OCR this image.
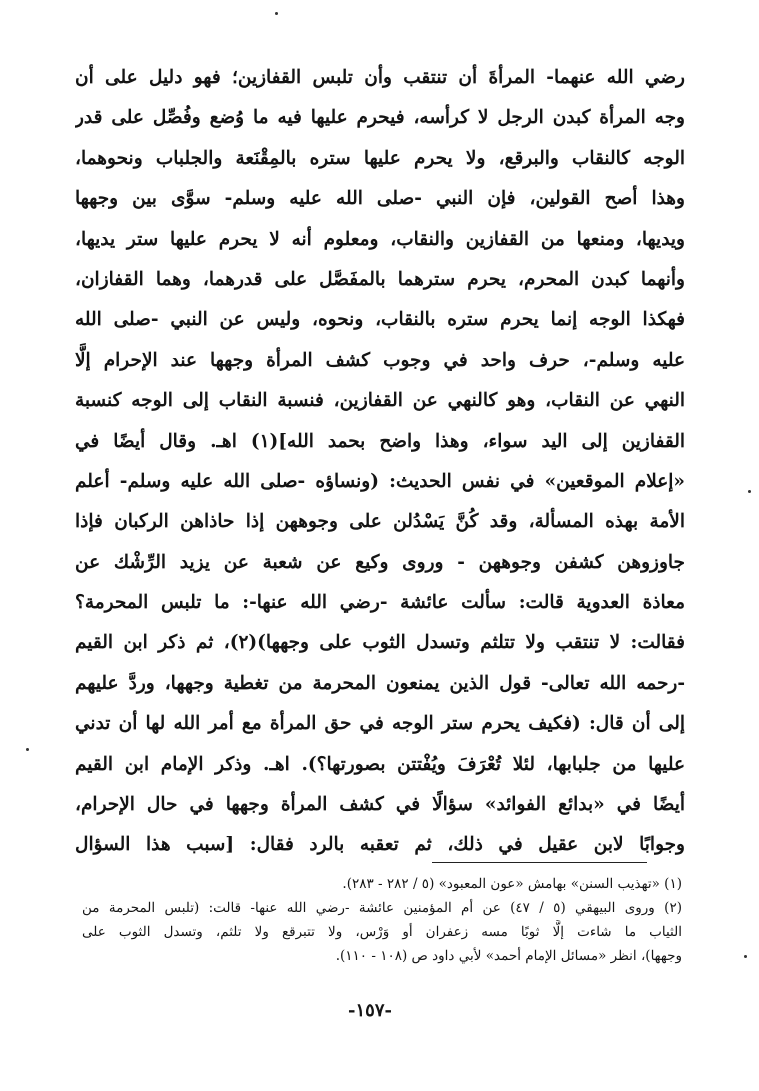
رضي الله عنهما- المرأةَ أن تنتقب وأن تلبس القفازين؛ فهو دليل على أن
وجه المرأة كبدن الرجل لا كرأسه، فيحرم عليها فيه ما وُضع وفُصِّل على قدر
الوجه كالنقاب والبرقع، ولا يحرم عليها ستره بالمِقْنَعة والجلباب ونحوهما،
وهذا أصح القولين، فإن النبي -صلى الله عليه وسلم- سوَّى بين وجهها
ويديها، ومنعها من القفازين والنقاب، ومعلوم أنه لا يحرم عليها ستر يديها،
وأنهما كبدن المحرم، يحرم سترهما بالمفَصَّل على قدرهما، وهما القفازان،
فهكذا الوجه إنما يحرم ستره بالنقاب، ونحوه، وليس عن النبي -صلى الله
عليه وسلم-، حرف واحد في وجوب كشف المرأة وجهها عند الإحرام إلَّا
النهي عن النقاب، وهو كالنهي عن القفازين، فنسبة النقاب إلى الوجه كنسبة
القفازين إلى اليد سواء، وهذا واضح بحمد الله](١) اهـ. وقال أيضًا في
«إعلام الموقعين» في نفس الحديث: (ونساؤه -صلى الله عليه وسلم- أعلم
الأمة بهذه المسألة، وقد كُنَّ يَسْدُلن على وجوههن إذا حاذاهن الركبان فإذا
جاوزوهن كشفن وجوههن - وروى وكيع عن شعبة عن يزيد الرِّشْك عن
معاذة العدوية قالت: سألت عائشة -رضي الله عنها-: ما تلبس المحرمة؟
فقالت: لا تنتقب ولا تتلثم وتسدل الثوب على وجهها)(٢)، ثم ذكر ابن القيم
-رحمه الله تعالى- قول الذين يمنعون المحرمة من تغطية وجهها، وردَّ عليهم
إلى أن قال: (فكيف يحرم ستر الوجه في حق المرأة مع أمر الله لها أن تدني
عليها من جلبابها، لئلا تُعْرَفَ ويُفْتتن بصورتها؟). اهـ. وذكر الإمام ابن القيم
أيضًا في «بدائع الفوائد» سؤالًا في كشف المرأة وجهها في حال الإحرام،
وجوابًا لابن عقيل في ذلك، ثم تعقبه بالرد فقال: [سبب هذا السؤال
(١) «تهذيب السنن» بهامش «عون المعبود» (٥ / ٢٨٢ - ٢٨٣).
(٢) وروى البيهقي (٥ / ٤٧) عن أم المؤمنين عائشة -رضي الله عنها- قالت: (تلبس المحرمة من
الثياب ما شاءت إلَّا ثوبًا مسه زعفران أو وَرْس، ولا تتبرقع ولا تلثم، وتسدل الثوب على
وجهها)، انظر «مسائل الإمام أحمد» لأبي داود ص (١٠٨ - ١١٠).
-١٥٧-
